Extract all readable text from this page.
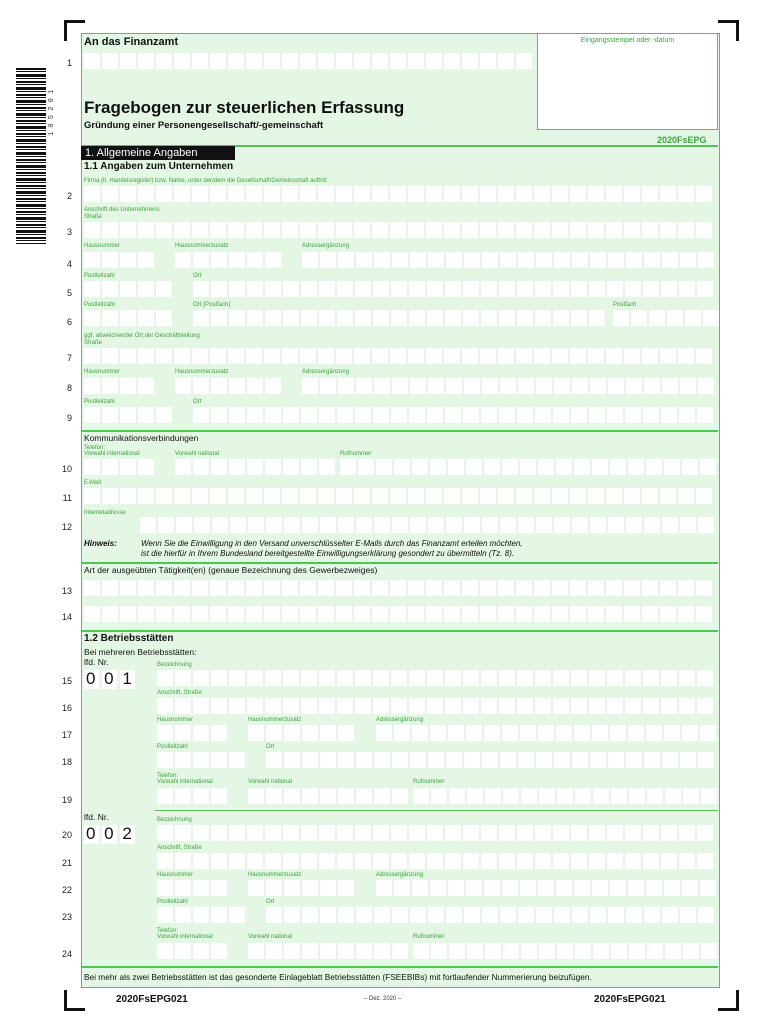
1 0 5 2 0 1
An das Finanzamt	Eingangsstempel oder -datum
Fragebogen zur steuerlichen Erfassung
Gründung einer Personengesellschaft/-gemeinschaft
2020FsEPG
1. Allgemeine Angaben
1.1 Angaben zum Unternehmen
Firma (lt. Handelsregister) bzw. Name, unter der/dem die Gesellschaft/Gemeinschaft auftritt
Anschrift des Unternehmens
Straße
Hausnummer	Hausnummerzusatz	Adressergänzung
Postleitzahl	Ort
Postleitzahl	Ort (Postfach)	Postfach
ggf. abweichender Ort der Geschäftsleitung
Straße
Hausnummer	Hausnummerzusatz	Adressergänzung
Postleitzahl	Ort
Kommunikationsverbindungen
Telefon:
Vorwahl international	Vorwahl national	Rufnummer
E-Mail
Internetadresse
Hinweis:	Wenn Sie die Einwilligung in den Versand unverschlüsselter E-Mails durch das Finanzamt erteilen möchten,
ist die hierfür in Ihrem Bundesland bereitgestellte Einwilligungserklärung gesondert zu übermitteln (Tz. 8).
Art der ausgeübten Tätigkeit(en) (genaue Bezeichnung des Gewerbezweiges)
1.2 Betriebsstätten
Bei mehreren Betriebsstätten:
lfd. Nr.
0 0 1
Bezeichnung
Anschrift, Straße
Hausnummer	Hausnummerzusatz	Adressergänzung
Postleitzahl	Ort
Telefon:
Vorwahl international	Vorwahl national	Rufnummer
lfd. Nr.
0 0 2
Bezeichnung
Anschrift, Straße
Hausnummer	Hausnummerzusatz	Adressergänzung
Postleitzahl	Ort
Telefon:
Vorwahl international	Vorwahl national	Rufnummer
Bei mehr als zwei Betriebsstätten ist das gesonderte Einlageblatt Betriebsstätten (FSEEBIBs) mit fortlaufender Nummerierung beizufügen.
1
2
3
4
5
6
7
8
9
10
11
12
13
14
15
16
17
18
19
20
21
22
23
24
2020FsEPG021	– Dez. 2020 –	2020FsEPG021
